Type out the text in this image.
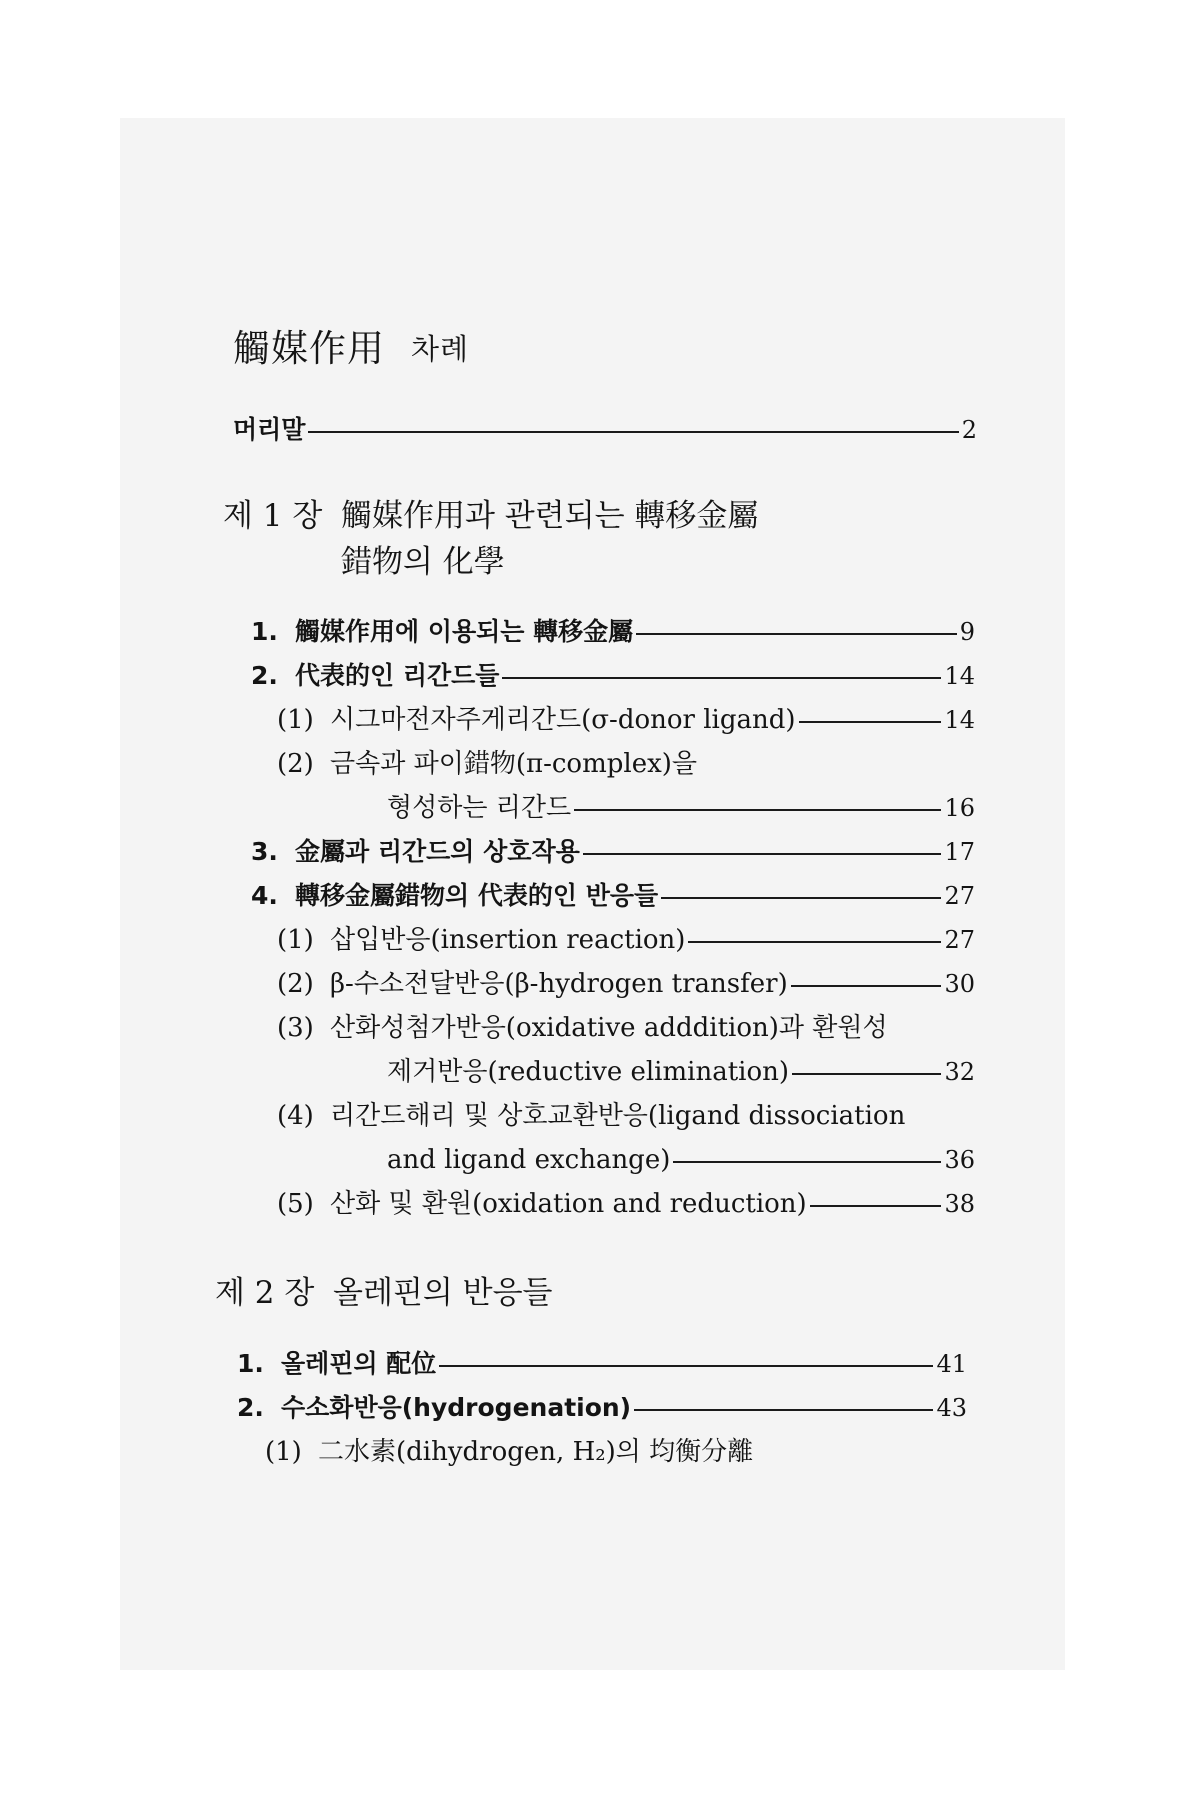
觸媒作用 차례
머리말	2
제 1 장 觸媒作用과 관련되는 轉移金屬
錯物의 化學
1. 觸媒作用에 이용되는 轉移金屬	9
2. 代表的인 리간드들	14
(1) 시그마전자주게리간드(σ-donor ligand)	14
(2) 금속과 파이錯物(π-complex)을
형성하는 리간드	16
3. 金屬과 리간드의 상호작용	17
4. 轉移金屬錯物의 代表的인 반응들	27
(1) 삽입반응(insertion reaction)	27
(2) β-수소전달반응(β-hydrogen transfer)	30
(3) 산화성첨가반응(oxidative adddition)과 환원성
제거반응(reductive elimination)	32
(4) 리간드해리 및 상호교환반응(ligand dissociation
and ligand exchange)	36
(5) 산화 및 환원(oxidation and reduction)	38
제 2 장 올레핀의 반응들
1. 올레핀의 配位	41
2. 수소화반응(hydrogenation)	43
(1) 二水素(dihydrogen, H₂)의 均衡分離
